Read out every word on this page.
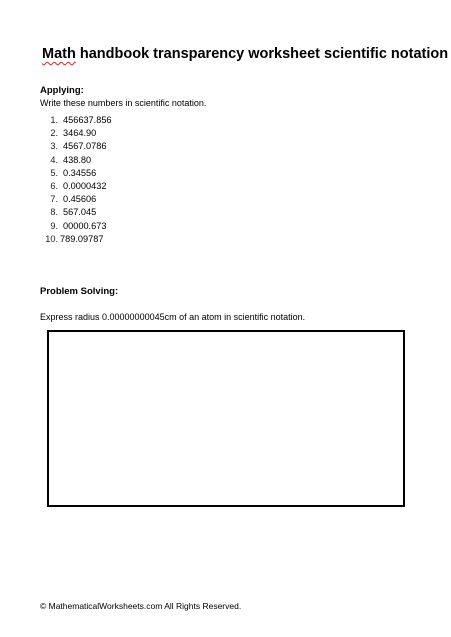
Math handbook transparency worksheet scientific notation
Applying:
Write these numbers in scientific notation.
1. 456637.856
2. 3464.90
3. 4567.0786
4. 438.80
5. 0.34556
6. 0.0000432
7. 0.45606
8. 567.045
9. 00000.673
10. 789.09787
Problem Solving:
Express radius 0.00000000045cm of an atom in scientific notation.
© MathematicalWorksheets.com All Rights Reserved.
